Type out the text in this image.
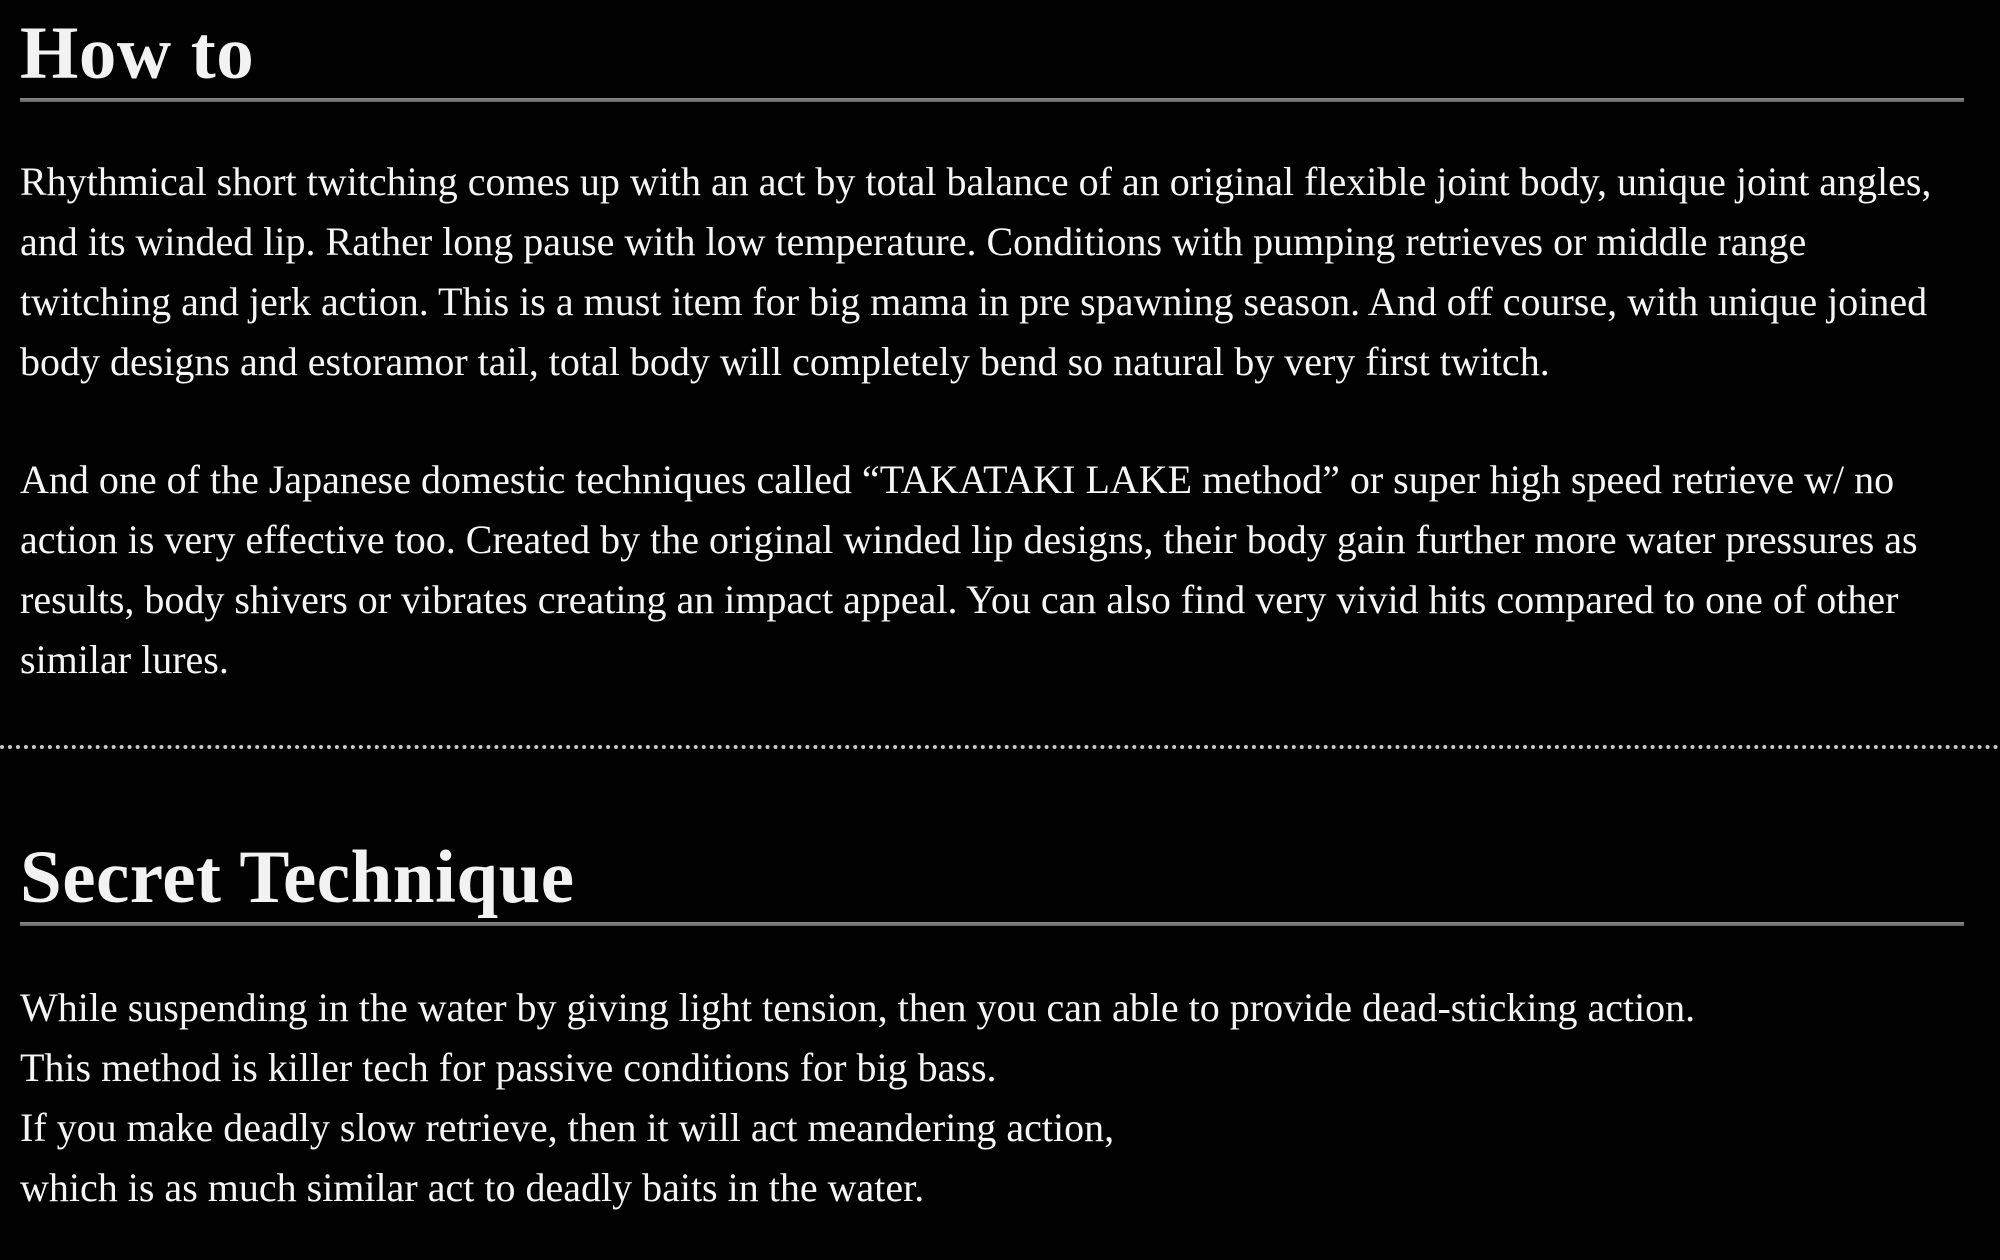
How to

Rhythmical short twitching comes up with an act by total balance of an original flexible joint body, unique joint angles, and its winded lip. Rather long pause with low temperature. Conditions with pumping retrieves or middle range twitching and jerk action. This is a must item for big mama in pre spawning season. And off course, with unique joined body designs and estoramor tail, total body will completely bend so natural by very first twitch.

And one of the Japanese domestic techniques called “TAKATAKI LAKE method” or super high speed retrieve w/ no action is very effective too. Created by the original winded lip designs, their body gain further more water pressures as results, body shivers or vibrates creating an impact appeal. You can also find very vivid hits compared to one of other similar lures.

Secret Technique
While suspending in the water by giving light tension, then you can able to provide dead-sticking action.
This method is killer tech for passive conditions for big bass.
If you make deadly slow retrieve, then it will act meandering action,
which is as much similar act to deadly baits in the water.
